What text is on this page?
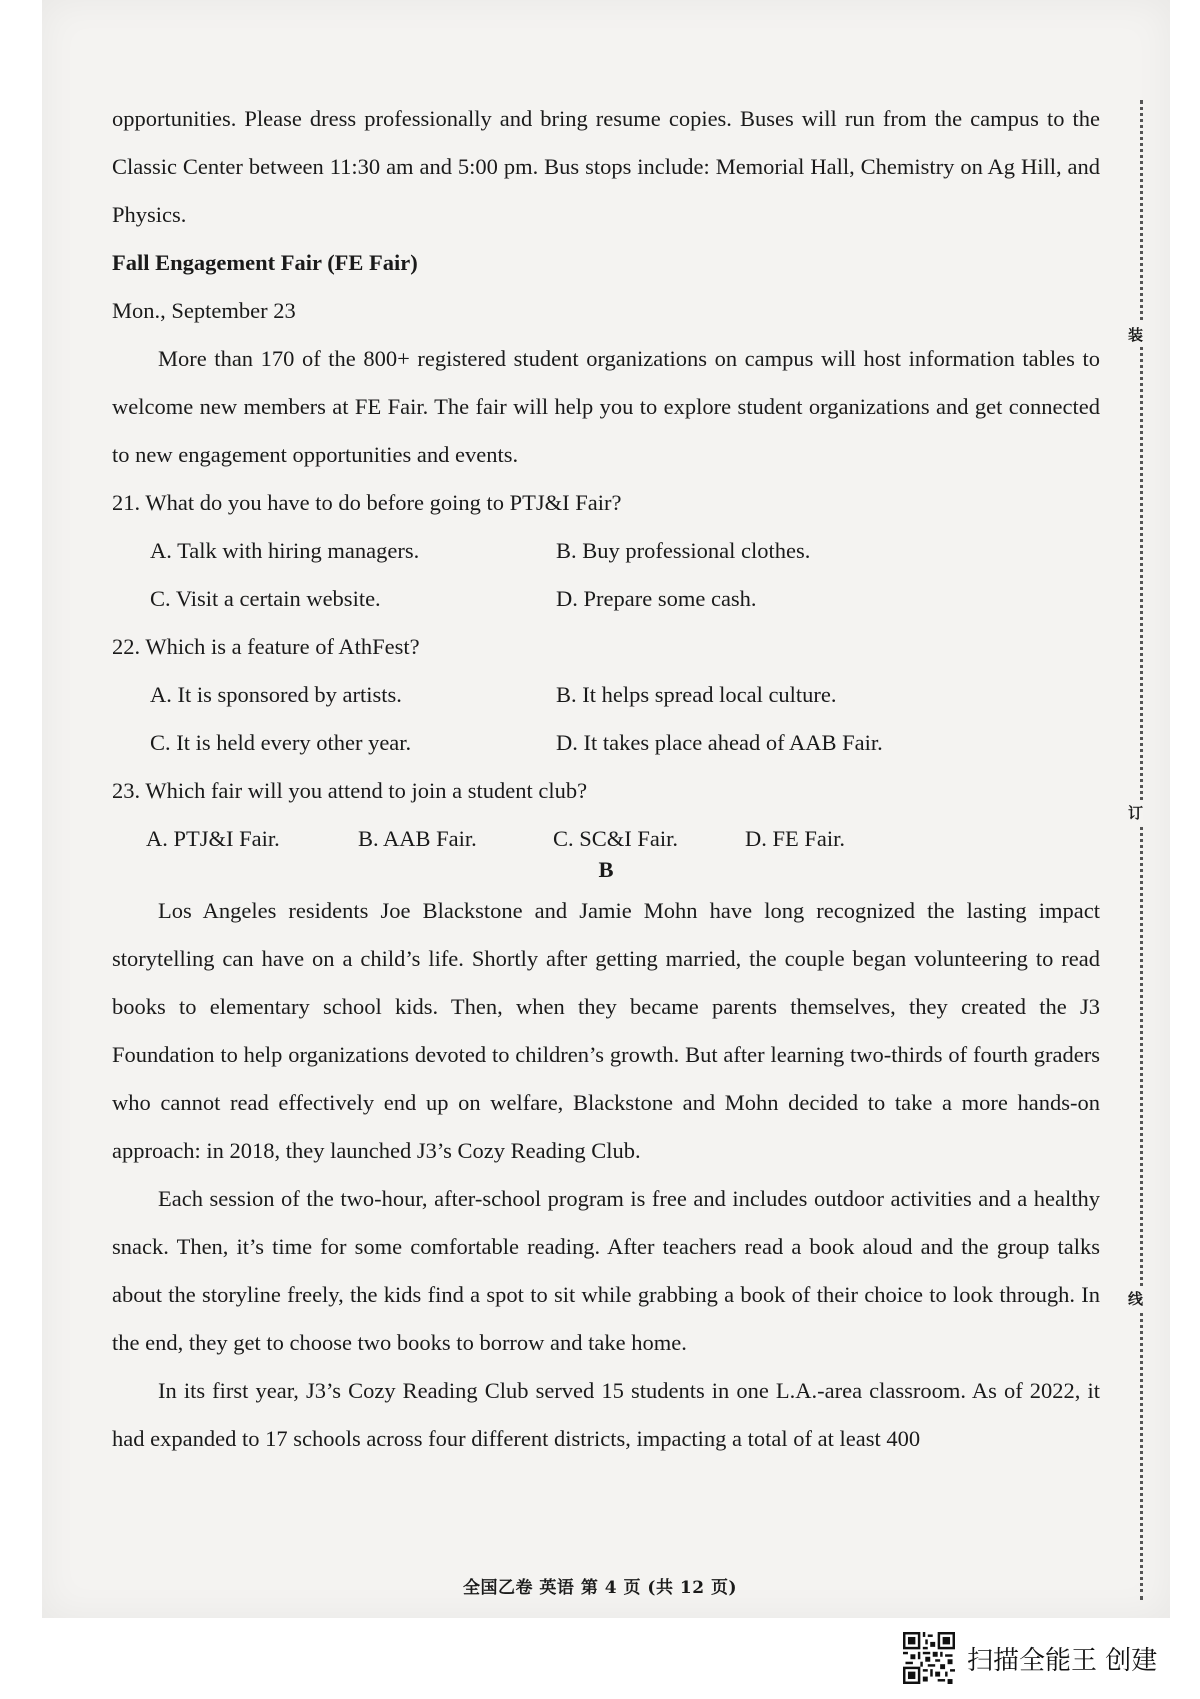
opportunities. Please dress professionally and bring resume copies. Buses will run from the campus to the Classic Center between 11:30 am and 5:00 pm. Bus stops include: Memorial Hall, Chemistry on Ag Hill, and Physics.

Fall Engagement Fair (FE Fair)

Mon., September 23

More than 170 of the 800+ registered student organizations on campus will host information tables to welcome new members at FE Fair. The fair will help you to explore student organizations and get connected to new engagement opportunities and events.

21. What do you have to do before going to PTJ&I Fair?

A. Talk with hiring managers.	B. Buy professional clothes.
C. Visit a certain website.	D. Prepare some cash.

22. Which is a feature of AthFest?

A. It is sponsored by artists.	B. It helps spread local culture.
C. It is held every other year.	D. It takes place ahead of AAB Fair.

23. Which fair will you attend to join a student club?

A. PTJ&I Fair.	B. AAB Fair.	C. SC&I Fair.	D. FE Fair.
B

Los Angeles residents Joe Blackstone and Jamie Mohn have long recognized the lasting impact storytelling can have on a child’s life. Shortly after getting married, the couple began volunteering to read books to elementary school kids. Then, when they became parents themselves, they created the J3 Foundation to help organizations devoted to children’s growth. But after learning two-thirds of fourth graders who cannot read effectively end up on welfare, Blackstone and Mohn decided to take a more hands-on approach: in 2018, they launched J3’s Cozy Reading Club.

Each session of the two-hour, after-school program is free and includes outdoor activities and a healthy snack. Then, it’s time for some comfortable reading. After teachers read a book aloud and the group talks about the storyline freely, the kids find a spot to sit while grabbing a book of their choice to look through. In the end, they get to choose two books to borrow and take home.

In its first year, J3’s Cozy Reading Club served 15 students in one L.A.-area classroom. As of 2022, it had expanded to 17 schools across four different districts, impacting a total of at least 400

装
订
线
全国乙卷 英语 第 4 页 (共 12 页)
扫描全能王 创建
